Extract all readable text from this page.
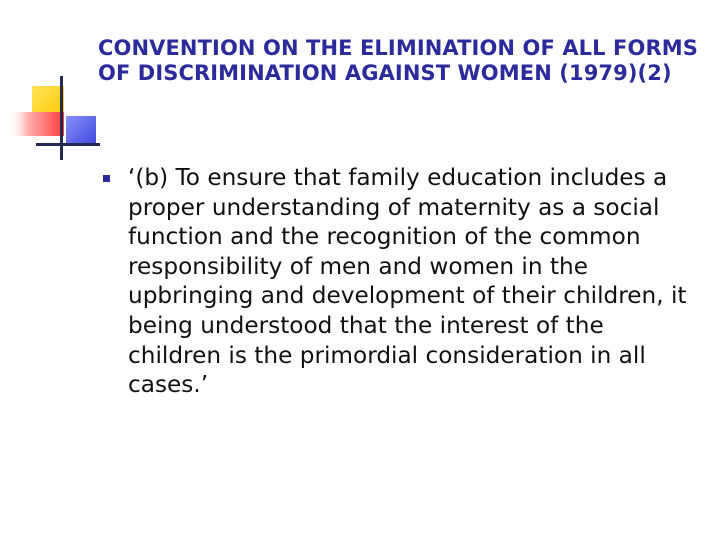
CONVENTION ON THE ELIMINATION OF ALL FORMS OF DISCRIMINATION AGAINST WOMEN (1979)(2)
‘(b) To ensure that family education includes a proper understanding of maternity as a social function and the recognition of the common responsibility of men and women in the upbringing and development of their children, it being understood that the interest of the children is the primordial consideration in all cases.’
